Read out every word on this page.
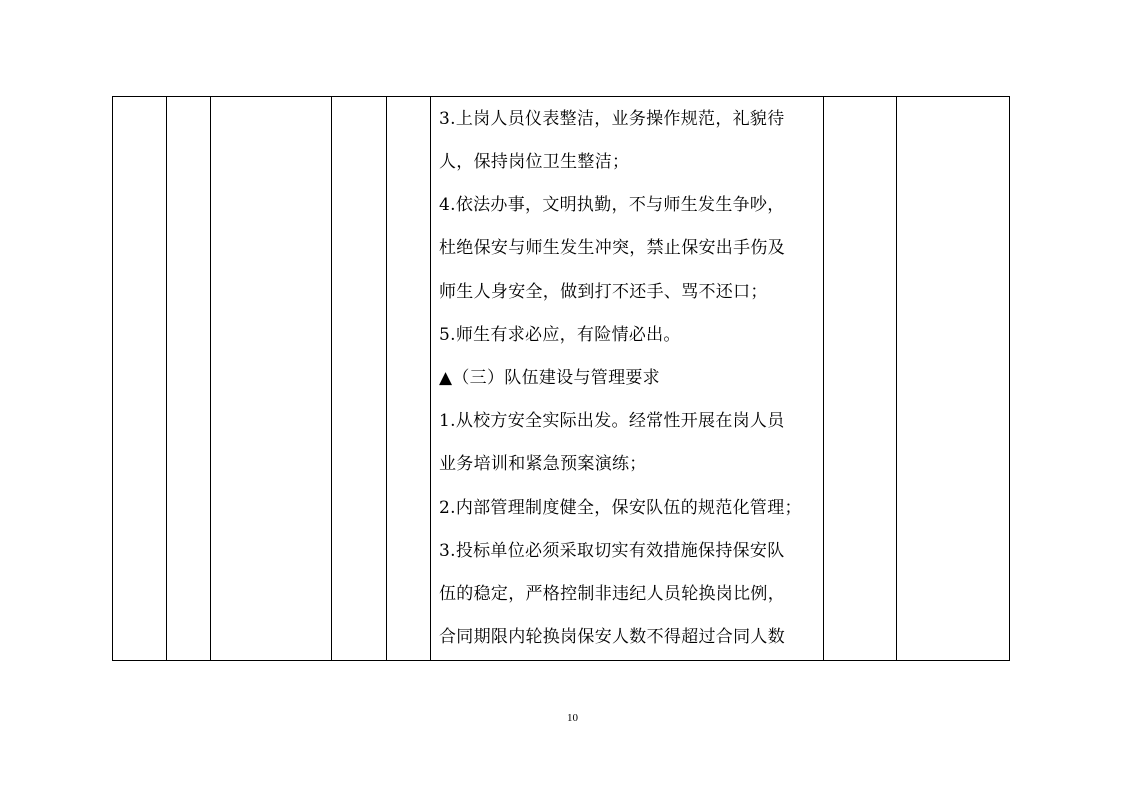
3.上岗人员仪表整洁，业务操作规范，礼貌待
人，保持岗位卫生整洁；
4.依法办事，文明执勤，不与师生发生争吵，
杜绝保安与师生发生冲突，禁止保安出手伤及
师生人身安全，做到打不还手、骂不还口；
5.师生有求必应，有险情必出。
▲（三）队伍建设与管理要求
1.从校方安全实际出发。经常性开展在岗人员
业务培训和紧急预案演练；
2.内部管理制度健全，保安队伍的规范化管理；
3.投标单位必须采取切实有效措施保持保安队
伍的稳定，严格控制非违纪人员轮换岗比例，
合同期限内轮换岗保安人数不得超过合同人数

10
